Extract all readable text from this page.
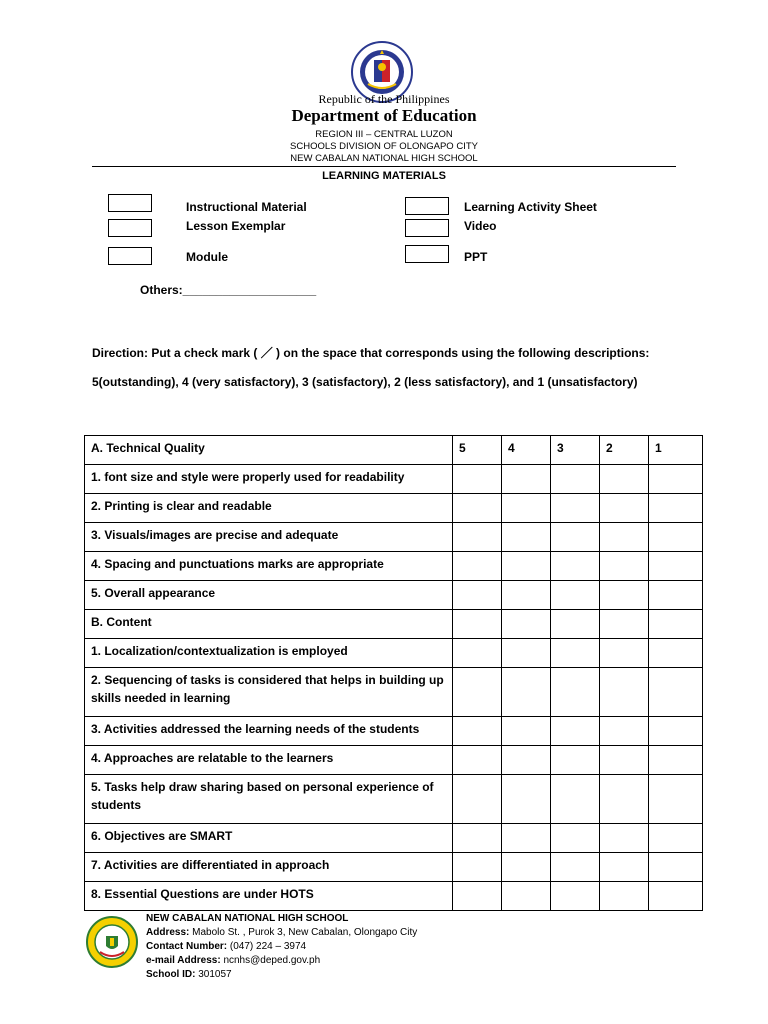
Republic of the Philippines
Department of Education
REGION III – CENTRAL LUZON
SCHOOLS DIVISION OF OLONGAPO CITY
NEW CABALAN NATIONAL HIGH SCHOOL
LEARNING MATERIALS
Instructional Material
Lesson Exemplar
Module
Learning Activity Sheet
Video
PPT
Others:____________________
Direction: Put a check mark ( ／ ) on the space that corresponds using the following descriptions:
5(outstanding), 4 (very satisfactory), 3 (satisfactory), 2 (less satisfactory), and 1 (unsatisfactory)
A. Technical Quality	5	4	3	2	1
1. font size and style were properly used for readability					
2. Printing is clear and readable					
3. Visuals/images are precise and adequate					
4. Spacing and punctuations marks are appropriate					
5. Overall appearance					
B. Content					
1. Localization/contextualization is employed					
2. Sequencing of tasks is considered that helps in building up skills needed in learning					
3. Activities addressed the learning needs of the students					
4. Approaches are relatable to the learners					
5. Tasks help draw sharing based on personal experience of students					
6. Objectives are SMART					
7. Activities are differentiated in approach					
8. Essential Questions are under HOTS					
NEW CABALAN NATIONAL HIGH SCHOOL
Address: Mabolo St. , Purok 3, New Cabalan, Olongapo City
Contact Number: (047) 224 – 3974
e-mail Address: ncnhs@deped.gov.ph
School ID: 301057
